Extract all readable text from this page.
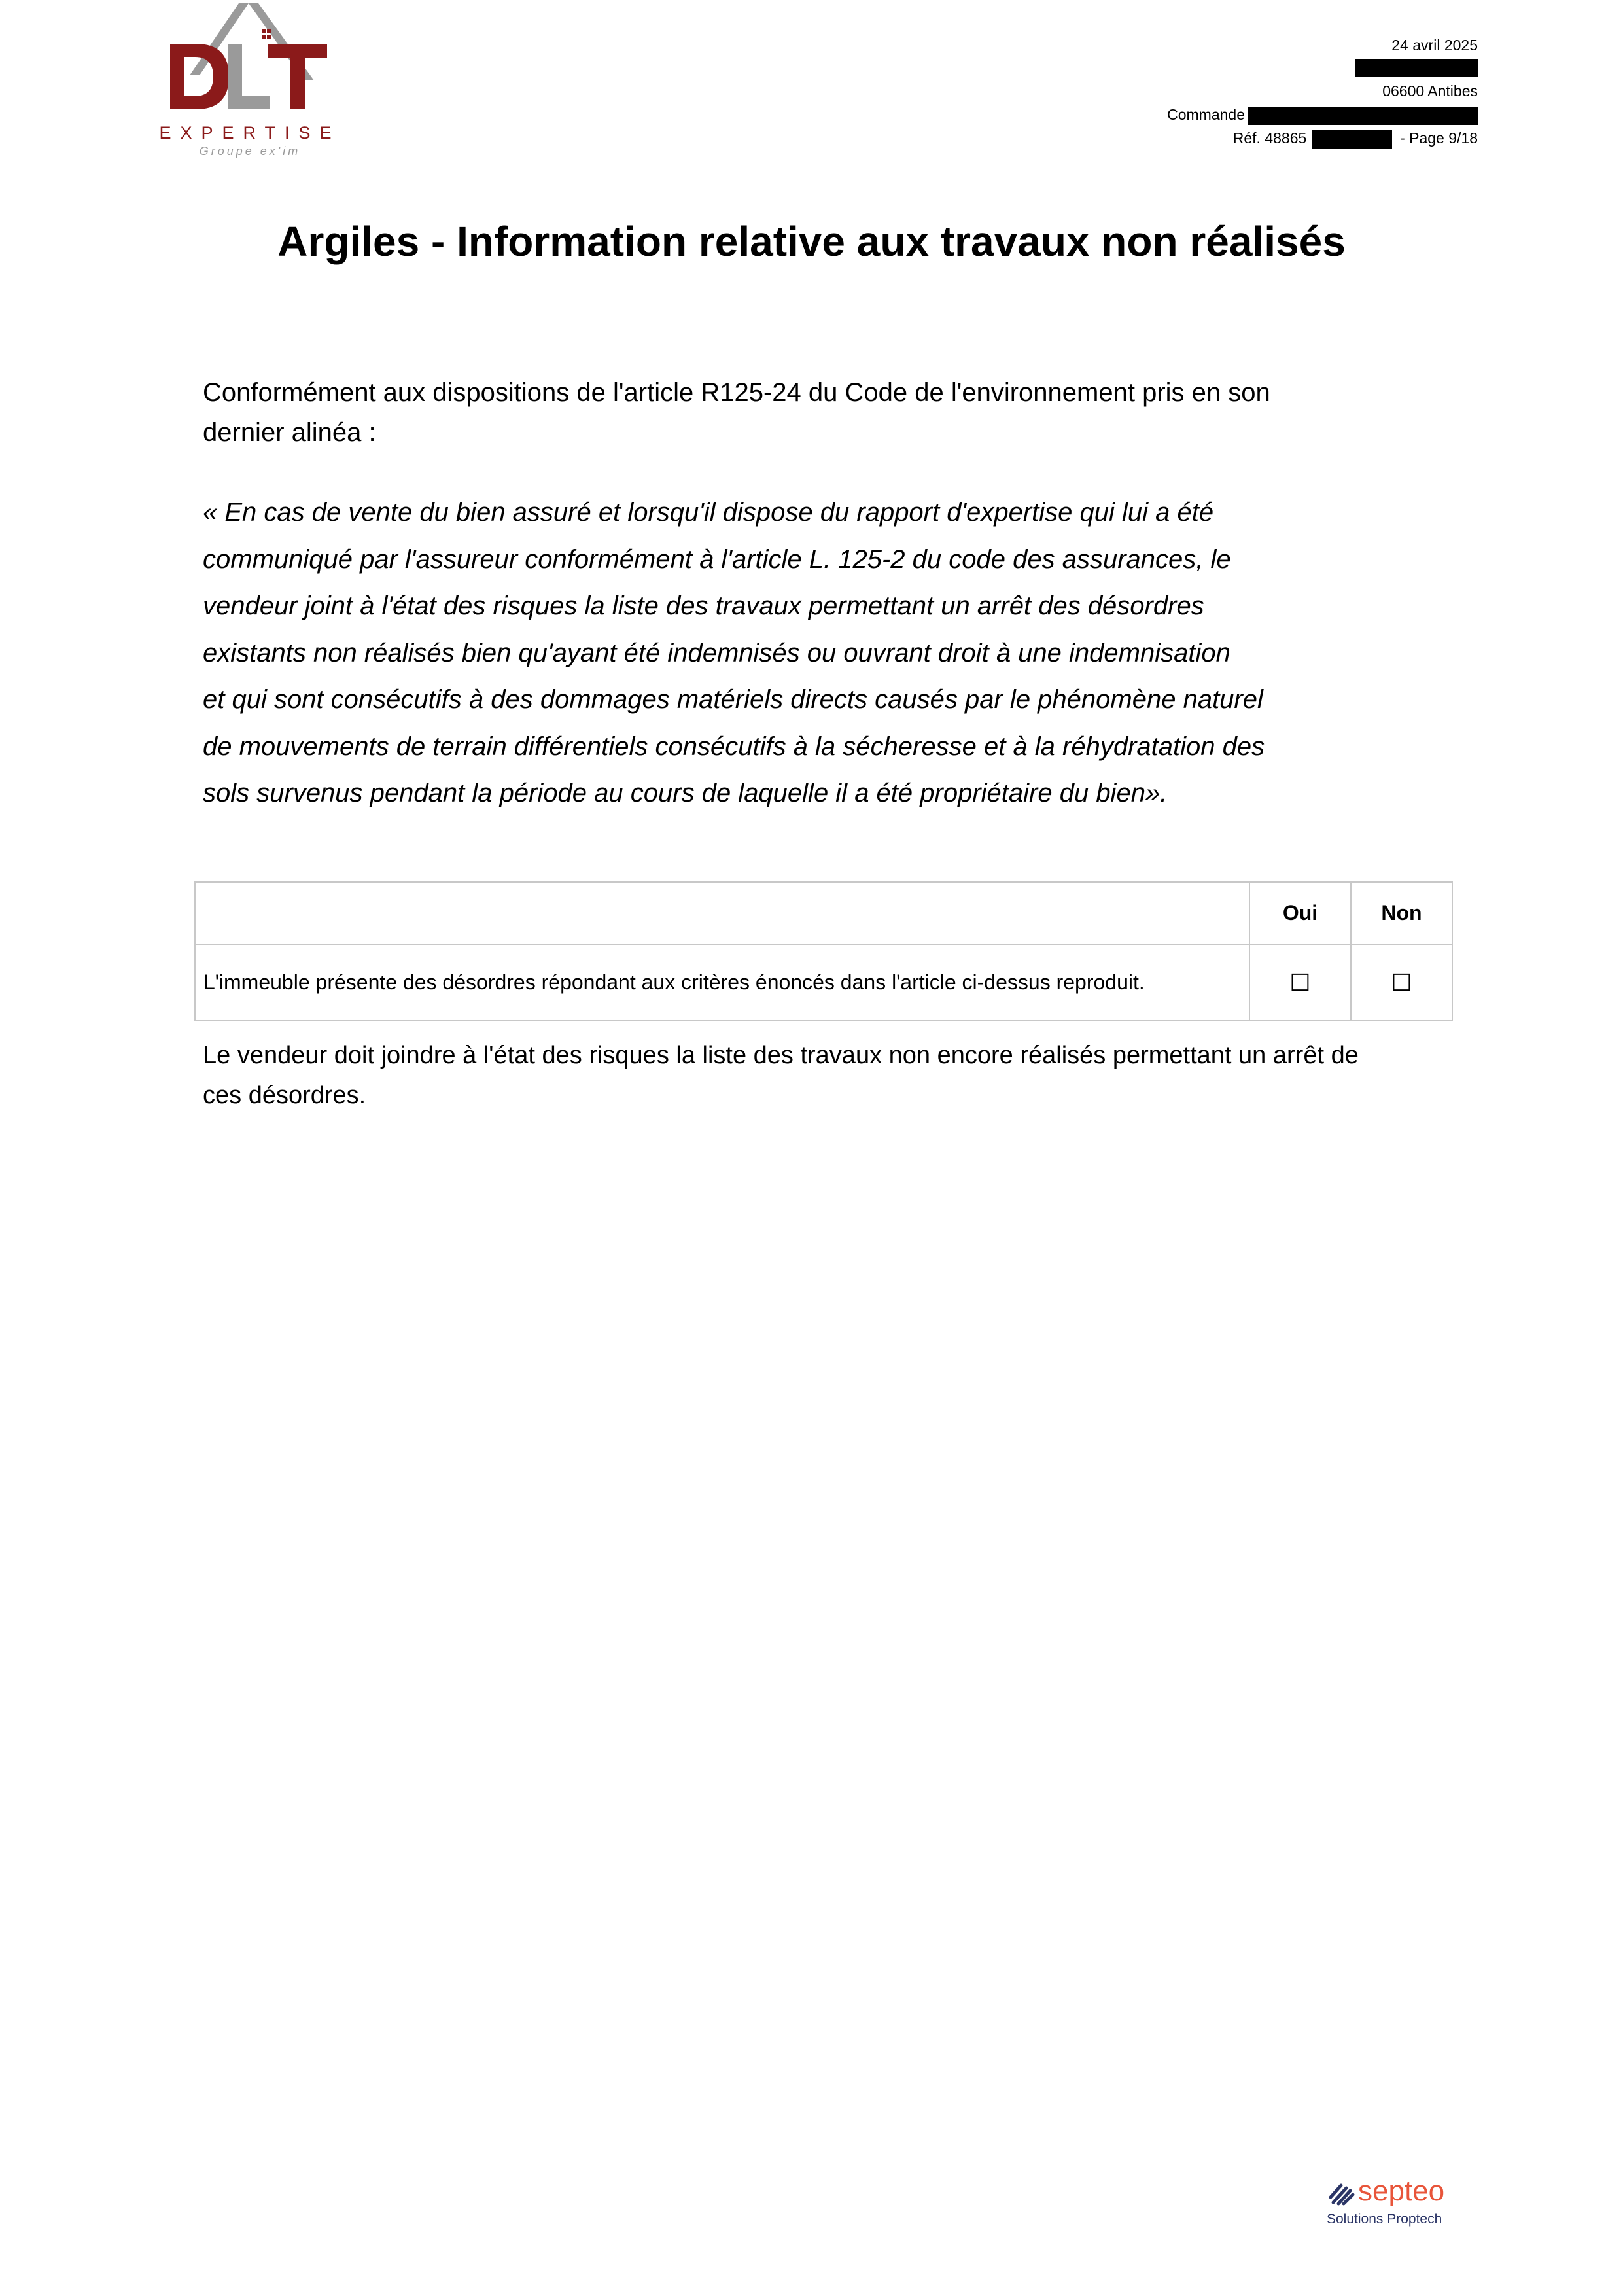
EXPERTISE
Groupe ex'im
24 avril 2025
06600 Antibes
Commande
Réf. 48865	- Page 9/18
Argiles - Information relative aux travaux non réalisés
Conformément aux dispositions de l'article R125-24 du Code de l'environnement pris en son
dernier alinéa :
« En cas de vente du bien assuré et lorsqu'il dispose du rapport d'expertise qui lui a été
communiqué par l'assureur conformément à l'article L. 125-2 du code des assurances, le
vendeur joint à l'état des risques la liste des travaux permettant un arrêt des désordres
existants non réalisés bien qu'ayant été indemnisés ou ouvrant droit à une indemnisation
et qui sont consécutifs à des dommages matériels directs causés par le phénomène naturel
de mouvements de terrain différentiels consécutifs à la sécheresse et à la réhydratation des
sols survenus pendant la période au cours de laquelle il a été propriétaire du bien».
	Oui	Non
L'immeuble présente des désordres répondant aux critères énoncés dans l'article ci-dessus reproduit.	☐	☐
Le vendeur doit joindre à l'état des risques la liste des travaux non encore réalisés permettant un arrêt de
ces désordres.
septeo
Solutions Proptech
